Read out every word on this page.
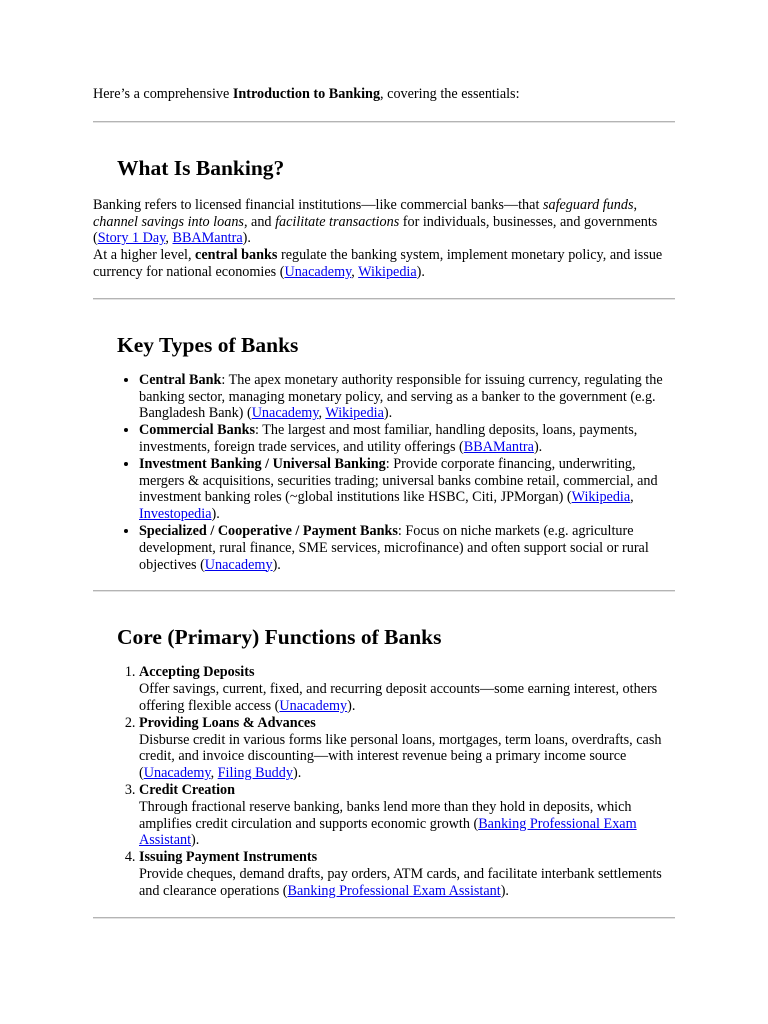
Here’s a comprehensive Introduction to Banking, covering the essentials:

What Is Banking?

Banking refers to licensed financial institutions—like commercial banks—that safeguard funds, channel savings into loans, and facilitate transactions for individuals, businesses, and governments (Story 1 Day, BBAMantra).

At a higher level, central banks regulate the banking system, implement monetary policy, and issue currency for national economies (Unacademy, Wikipedia).

Key Types of Banks
• Central Bank: The apex monetary authority responsible for issuing currency, regulating the banking sector, managing monetary policy, and serving as a banker to the government (e.g. Bangladesh Bank) (Unacademy, Wikipedia).
• Commercial Banks: The largest and most familiar, handling deposits, loans, payments, investments, foreign trade services, and utility offerings (BBAMantra).
• Investment Banking / Universal Banking: Provide corporate financing, underwriting, mergers & acquisitions, securities trading; universal banks combine retail, commercial, and investment banking roles (~global institutions like HSBC, Citi, JPMorgan) (Wikipedia, Investopedia).
• Specialized / Cooperative / Payment Banks: Focus on niche markets (e.g. agriculture development, rural finance, SME services, microfinance) and often support social or rural objectives (Unacademy).
Core (Primary) Functions of Banks
1. Accepting Deposits
Offer savings, current, fixed, and recurring deposit accounts—some earning interest, others offering flexible access (Unacademy).
2. Providing Loans & Advances
Disburse credit in various forms like personal loans, mortgages, term loans, overdrafts, cash credit, and invoice discounting—with interest revenue being a primary income source (Unacademy, Filing Buddy).
3. Credit Creation
Through fractional reserve banking, banks lend more than they hold in deposits, which amplifies credit circulation and supports economic growth (Banking Professional Exam Assistant).
4. Issuing Payment Instruments
Provide cheques, demand drafts, pay orders, ATM cards, and facilitate interbank settlements and clearance operations (Banking Professional Exam Assistant).
